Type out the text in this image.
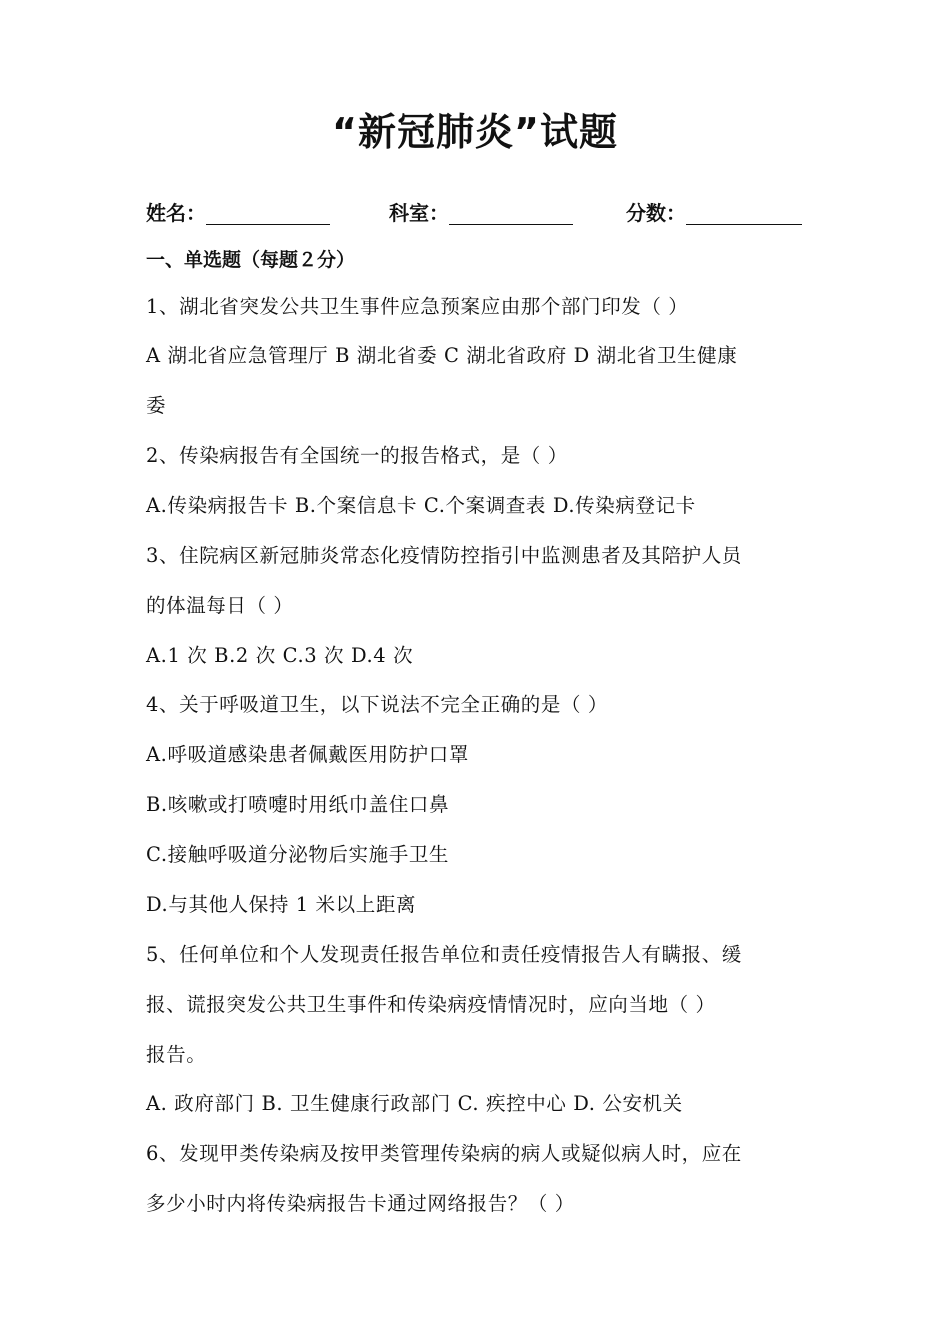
“新冠肺炎”试题
姓名：	科室：	分数：
一、单选题（每题２分）
1、湖北省突发公共卫生事件应急预案应由那个部门印发（ ）
A 湖北省应急管理厅 B 湖北省委 C 湖北省政府 D 湖北省卫生健康
委
2、传染病报告有全国统一的报告格式，是（ ）
A.传染病报告卡 B.个案信息卡 C.个案调查表 D.传染病登记卡
3、住院病区新冠肺炎常态化疫情防控指引中监测患者及其陪护人员
的体温每日（ ）
A.1 次 B.2 次 C.3 次 D.4 次
4、关于呼吸道卫生，以下说法不完全正确的是（ ）
A.呼吸道感染患者佩戴医用防护口罩
B.咳嗽或打喷嚏时用纸巾盖住口鼻
C.接触呼吸道分泌物后实施手卫生
D.与其他人保持 1 米以上距离
5、任何单位和个人发现责任报告单位和责任疫情报告人有瞒报、缓
报、谎报突发公共卫生事件和传染病疫情情况时，应向当地（ ）
报告。
A. 政府部门 B. 卫生健康行政部门 C. 疾控中心 D. 公安机关
6、发现甲类传染病及按甲类管理传染病的病人或疑似病人时，应在
多少小时内将传染病报告卡通过网络报告？（ ）
